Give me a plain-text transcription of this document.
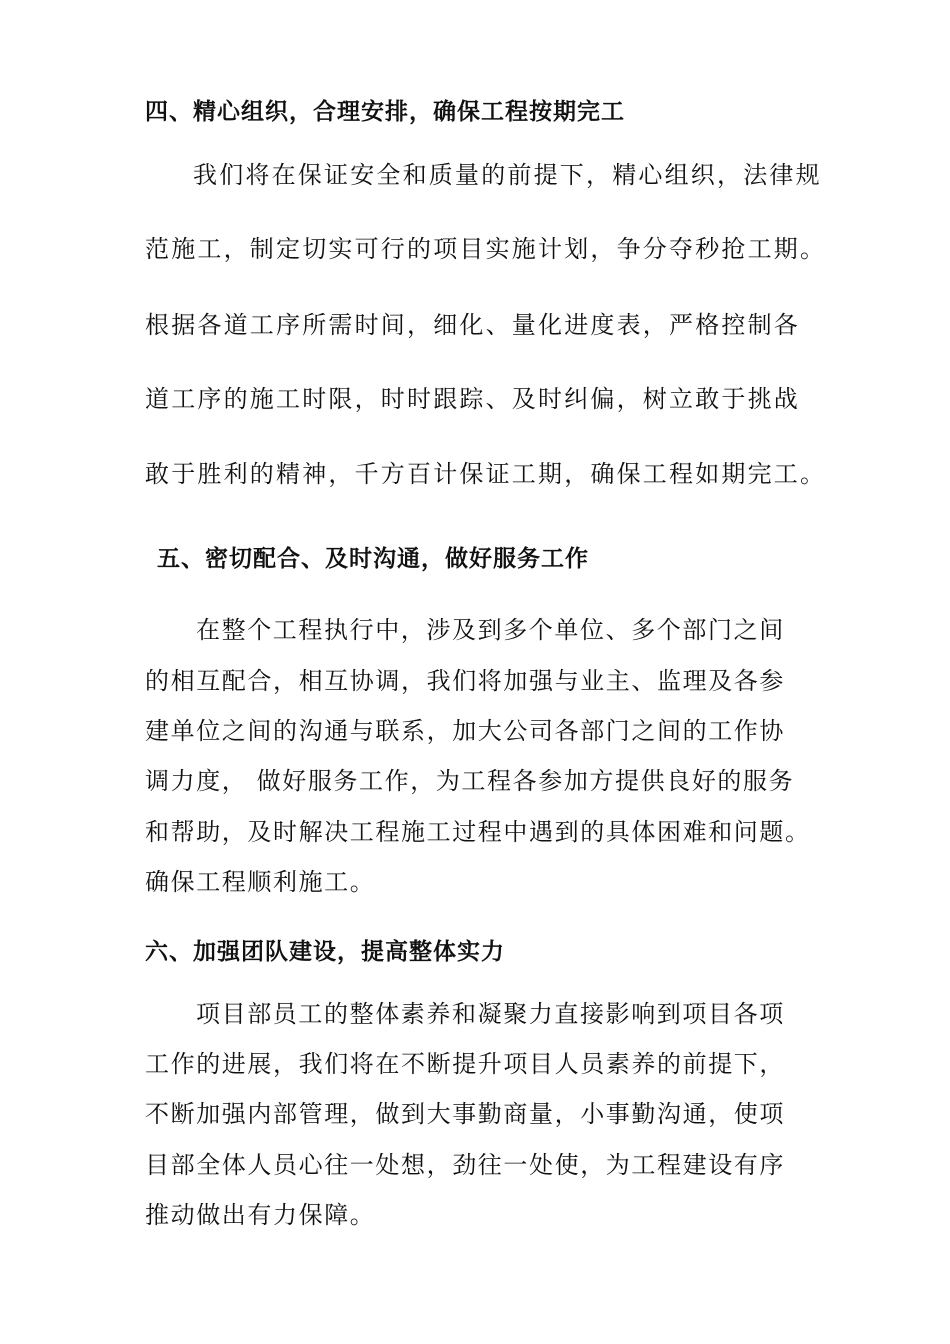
四、精心组织，合理安排，确保工程按期完工
我们将在保证安全和质量的前提下，精心组织，法律规
范施工，制定切实可行的项目实施计划，争分夺秒抢工期。
根据各道工序所需时间，细化、量化进度表，严格控制各
道工序的施工时限，时时跟踪、及时纠偏，树立敢于挑战
敢于胜利的精神，千方百计保证工期，确保工程如期完工。
五、密切配合、及时沟通，做好服务工作
在整个工程执行中，涉及到多个单位、多个部门之间
的相互配合，相互协调，我们将加强与业主、监理及各参
建单位之间的沟通与联系，加大公司各部门之间的工作协
调力度， 做好服务工作，为工程各参加方提供良好的服务
和帮助，及时解决工程施工过程中遇到的具体困难和问题。
确保工程顺利施工。
六、加强团队建设，提高整体实力
项目部员工的整体素养和凝聚力直接影响到项目各项
工作的进展，我们将在不断提升项目人员素养的前提下，
不断加强内部管理，做到大事勤商量，小事勤沟通，使项
目部全体人员心往一处想，劲往一处使，为工程建设有序
推动做出有力保障。
